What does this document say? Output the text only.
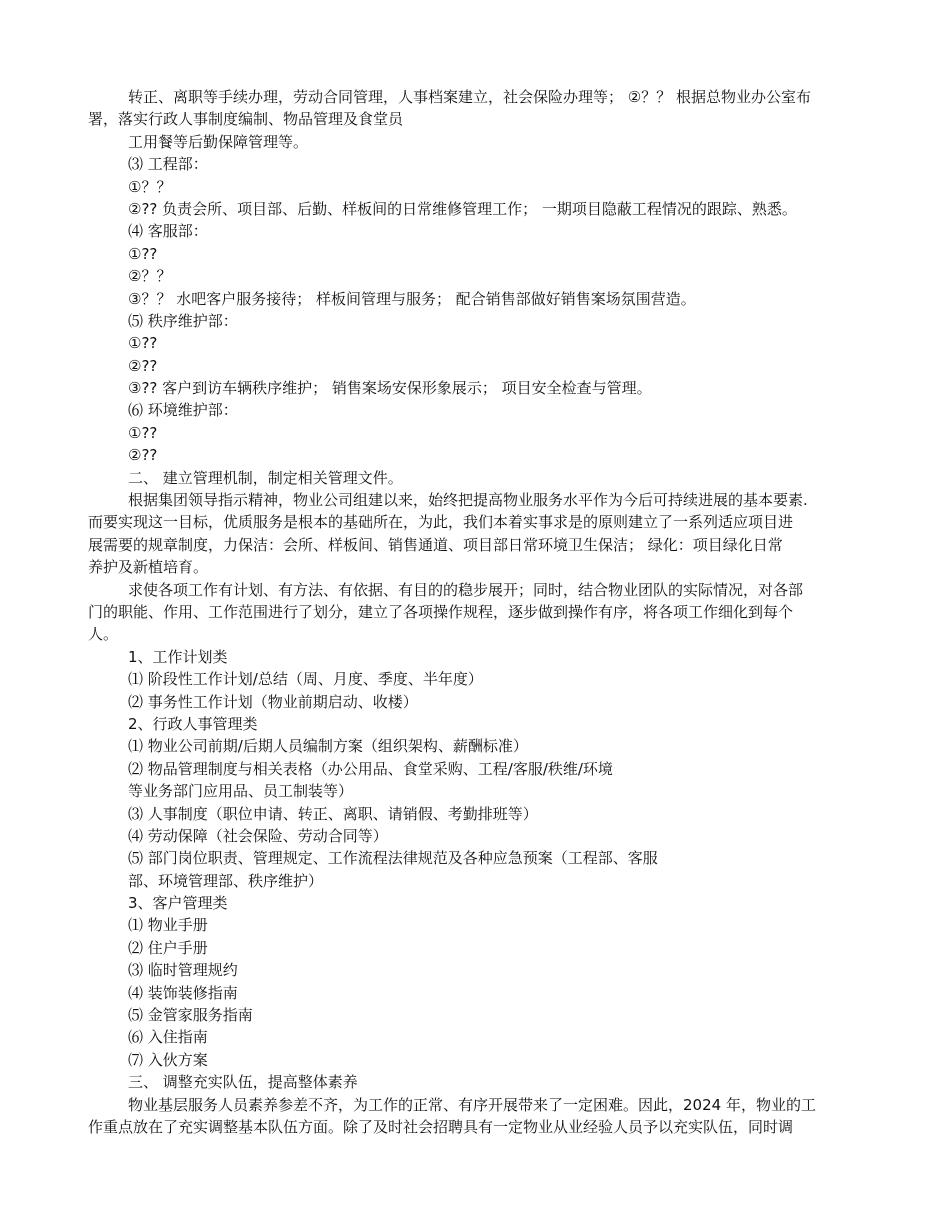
转正、离职等手续办理，劳动合同管理，人事档案建立，社会保险办理等； ②？？ 根据总物业办公室布
署，落实行政人事制度编制、物品管理及食堂员
工用餐等后勤保障管理等。
⑶ 工程部：
①？？
②?? 负责会所、项目部、后勤、样板间的日常维修管理工作； 一期项目隐蔽工程情况的跟踪、熟悉。
⑷ 客服部：
①??
②？？
③？？ 水吧客户服务接待； 样板间管理与服务； 配合销售部做好销售案场氛围营造。
⑸ 秩序维护部：
①??
②??
③?? 客户到访车辆秩序维护； 销售案场安保形象展示； 项目安全检查与管理。
⑹ 环境维护部：
①??
②??
二、 建立管理机制，制定相关管理文件。
根据集团领导指示精神，物业公司组建以来，始终把提高物业服务水平作为今后可持续进展的基本要素.
而要实现这一目标，优质服务是根本的基础所在，为此，我们本着实事求是的原则建立了一系列适应项目进
展需要的规章制度，力保洁：会所、样板间、销售通道、项目部日常环境卫生保洁； 绿化：项目绿化日常
养护及新植培育。
求使各项工作有计划、有方法、有依据、有目的的稳步展开；同时，结合物业团队的实际情况，对各部
门的职能、作用、工作范围进行了划分，建立了各项操作规程，逐步做到操作有序，将各项工作细化到每个
人。
1、工作计划类
⑴ 阶段性工作计划/总结（周、月度、季度、半年度）
⑵ 事务性工作计划（物业前期启动、收楼）
2、行政人事管理类
⑴ 物业公司前期/后期人员编制方案（组织架构、薪酬标准）
⑵ 物品管理制度与相关表格（办公用品、食堂采购、工程/客服/秩维/环境
等业务部门应用品、员工制装等）
⑶ 人事制度（职位申请、转正、离职、请销假、考勤排班等）
⑷ 劳动保障（社会保险、劳动合同等）
⑸ 部门岗位职责、管理规定、工作流程法律规范及各种应急预案（工程部、客服
部、环境管理部、秩序维护）
3、客户管理类
⑴ 物业手册
⑵ 住户手册
⑶ 临时管理规约
⑷ 装饰装修指南
⑸ 金管家服务指南
⑹ 入住指南
⑺ 入伙方案
三、 调整充实队伍，提高整体素养
物业基层服务人员素养参差不齐，为工作的正常、有序开展带来了一定困难。因此，2024 年，物业的工
作重点放在了充实调整基本队伍方面。除了及时社会招聘具有一定物业从业经验人员予以充实队伍，同时调
